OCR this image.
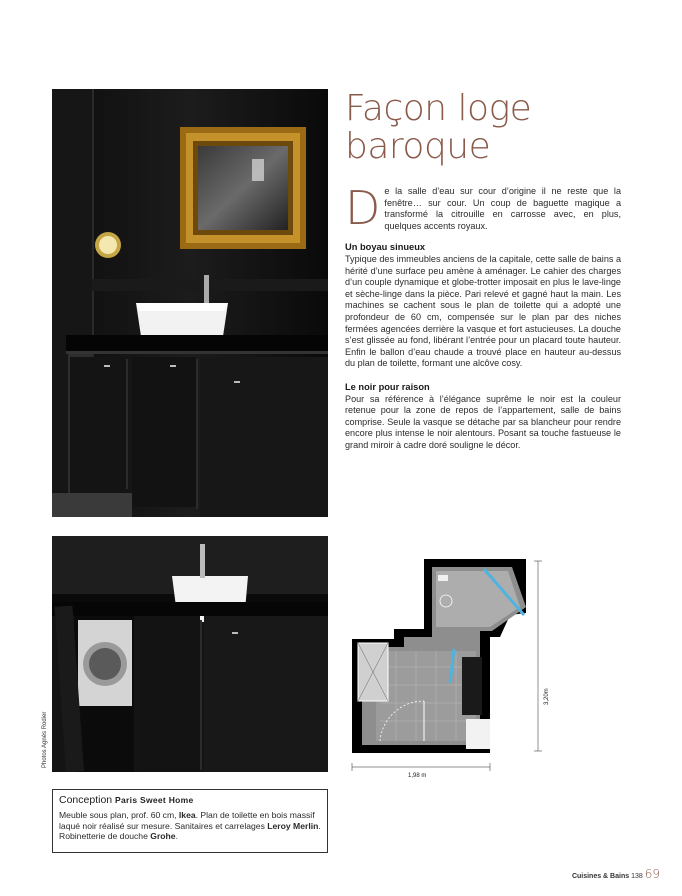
Photos Agnès Rodier
Façon loge
baroque

De la salle d’eau sur cour d’origine il ne reste que la fenêtre… sur cour. Un coup de baguette magique a transformé la citrouille en carrosse avec, en plus, quelques accents royaux.

Un boyau sinueux

Typique des immeubles anciens de la capitale, cette salle de bains a hérité d’une surface peu amène à aménager. Le cahier des charges d’un couple dynamique et globe-trotter imposait en plus le lave-linge et sèche-linge dans la pièce. Pari relevé et gagné haut la main. Les machines se cachent sous le plan de toilette qui a adopté une profondeur de 60 cm, compensée sur le plan par des niches fermées agencées derrière la vasque et fort astucieuses. La douche s’est glissée au fond, libérant l’entrée pour un placard toute hauteur. Enfin le ballon d’eau chaude a trouvé place en hauteur au-dessus du plan de toilette, formant une alcôve cosy.

Le noir pour raison

Pour sa référence à l’élégance suprême le noir est la couleur retenue pour la zone de repos de l’appartement, salle de bains comprise. Seule la vasque se détache par sa blancheur pour rendre encore plus intense le noir alentours. Posant sa touche fastueuse le grand miroir à cadre doré souligne le décor.

3,20m
1,98 m
Conception Paris Sweet Home
Meuble sous plan, prof. 60 cm, Ikea. Plan de toilette en bois massif laqué noir réalisé sur mesure. Sanitaires et carrelages Leroy Merlin. Robinetterie de douche Grohe.
Cuisines & Bains 138 69
